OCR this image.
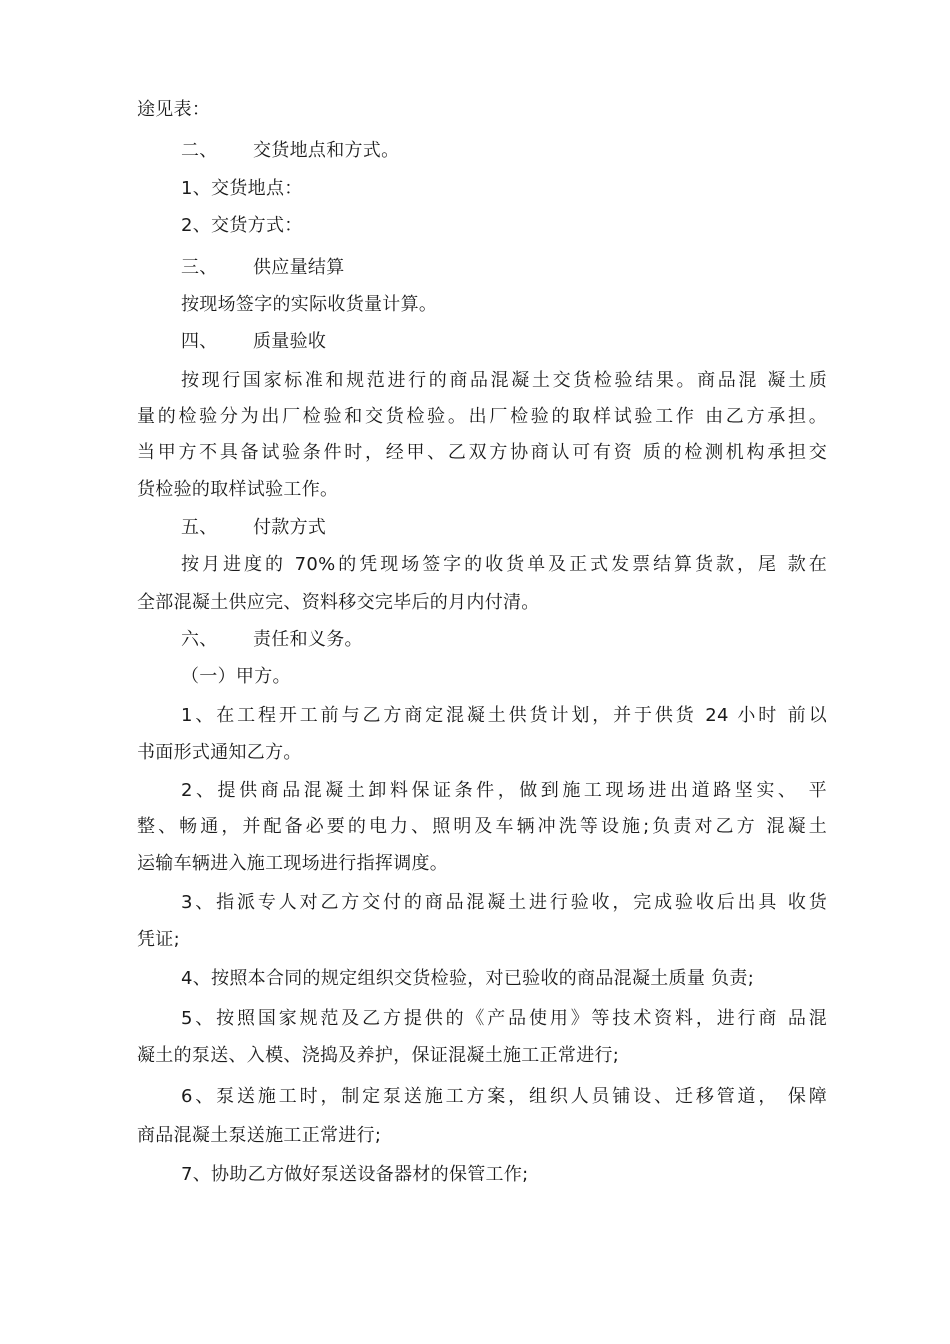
途见表：
二、 交货地点和方式。
1、交货地点：
2、交货方式：
三、 供应量结算
按现场签字的实际收货量计算。
四、 质量验收
按现行国家标准和规范进行的商品混凝土交货检验结果。商品混 凝土质
量的检验分为出厂检验和交货检验。出厂检验的取样试验工作 由乙方承担。
当甲方不具备试验条件时，经甲、乙双方协商认可有资 质的检测机构承担交
货检验的取样试验工作。
五、 付款方式
按月进度的 70%的凭现场签字的收货单及正式发票结算货款，尾 款在
全部混凝土供应完、资料移交完毕后的月内付清。
六、 责任和义务。
（一）甲方。
1、在工程开工前与乙方商定混凝土供货计划，并于供货 24 小时 前以
书面形式通知乙方。
2、提供商品混凝土卸料保证条件，做到施工现场进出道路坚实、 平
整、畅通，并配备必要的电力、照明及车辆冲洗等设施;负责对乙方 混凝土
运输车辆进入施工现场进行指挥调度。
3、指派专人对乙方交付的商品混凝土进行验收，完成验收后出具 收货
凭证;
4、按照本合同的规定组织交货检验，对已验收的商品混凝土质量 负责;
5、按照国家规范及乙方提供的《产品使用》等技术资料，进行商 品混
凝土的泵送、入模、浇捣及养护，保证混凝土施工正常进行;
6、泵送施工时，制定泵送施工方案，组织人员铺设、迁移管道， 保障
商品混凝土泵送施工正常进行;
7、协助乙方做好泵送设备器材的保管工作;
